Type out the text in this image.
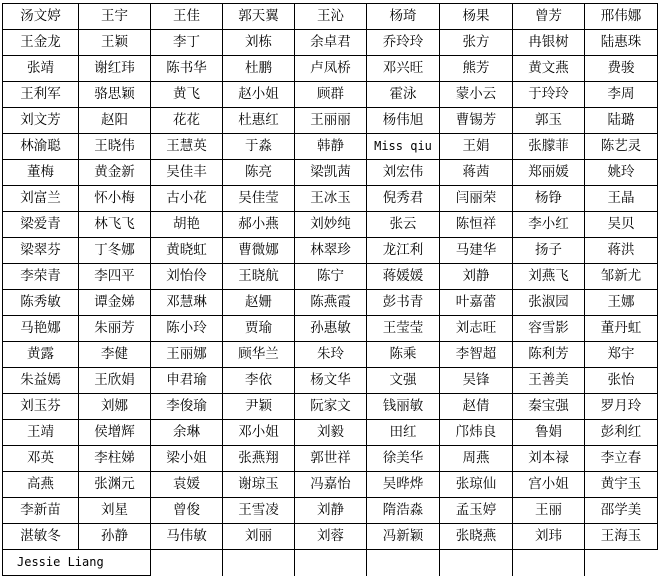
汤文婷	王宇	王佳	郭天翼	王沁	杨琦	杨果	曾芳	邢伟娜
王金龙	王颖	李丁	刘栋	余卓君	乔玲玲	张方	冉银树	陆惠珠
张靖	谢红玮	陈书华	杜鹏	卢凤桥	邓兴旺	熊芳	黄文燕	费骏
王利军	骆思颖	黄飞	赵小姐	顾群	霍泳	蒙小云	于玲玲	李周
刘文芳	赵阳	花花	杜惠红	王丽丽	杨伟旭	曹锡芳	郭玉	陆璐
林渝聪	王晓伟	王慧英	于淼	韩静	Miss qiu	王娟	张朦菲	陈艺灵
董梅	黄金新	吴佳丰	陈亮	梁凯茜	刘宏伟	蒋茜	郑丽媛	姚玲
刘富兰	怀小梅	古小花	吴佳莹	王冰玉	倪秀君	闫丽荣	杨铮	王晶
梁爱青	林飞飞	胡艳	郝小燕	刘妙纯	张云	陈恒祥	李小红	吴贝
梁翠芬	丁冬娜	黄晓虹	曹微娜	林翠珍	龙江利	马建华	扬子	蒋洪
李荣青	李四平	刘怡伶	王晓航	陈宁	蒋媛媛	刘静	刘燕飞	邹新尤
陈秀敏	谭金娣	邓慧琳	赵姗	陈燕霞	彭书青	叶嘉蕾	张淑园	王娜
马艳娜	朱丽芳	陈小玲	贾瑜	孙惠敏	王莹莹	刘志旺	容雪影	董丹虹
黄露	李健	王丽娜	顾华兰	朱玲	陈乘	李智超	陈利芳	郑宇
朱益嫣	王欣娟	申君瑜	李依	杨文华	文强	吴锋	王善美	张怡
刘玉芬	刘娜	李俊瑜	尹颖	阮家文	钱丽敏	赵倩	秦宝强	罗月玲
王靖	侯增辉	余琳	邓小姐	刘毅	田红	邝炜良	鲁娟	彭利红
邓英	李柱娣	梁小姐	张燕翔	郭世祥	徐美华	周燕	刘本禄	李立春
高燕	张渊元	袁媛	谢琼玉	冯嘉怡	吴晔烨	张琼仙	宫小姐	黄宇玉
李新苗	刘星	曾俊	王雪凌	刘静	隋浩淼	孟玉婷	王丽	邵学美
湛敏冬	孙静	马伟敏	刘丽	刘蓉	冯新颖	张晓燕	刘玮	王海玉
Jessie Liang								
